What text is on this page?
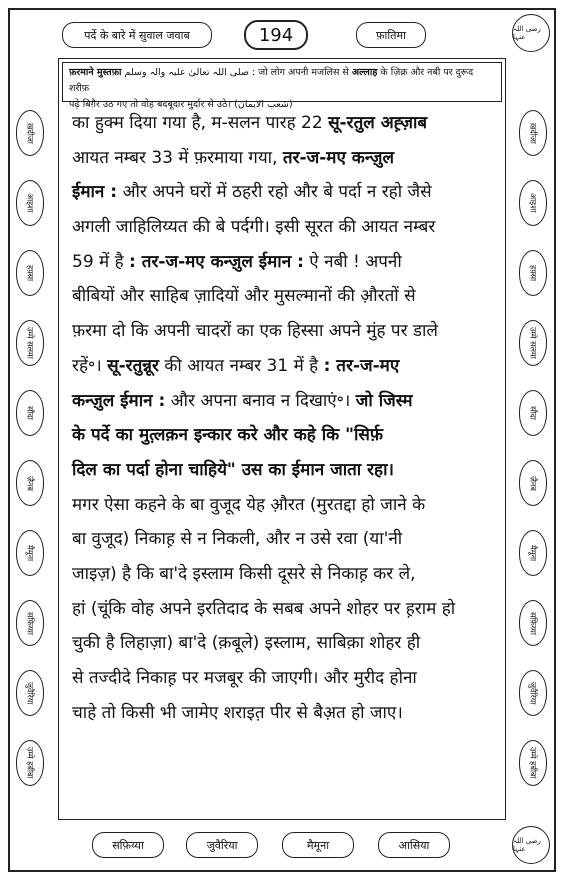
पर्दे के बारे में सुवाल जवाब	194	फ़ातिमा	رضی اللہ عنہا
फ़रमाने मुस्तफ़ा صلی اللہ تعالیٰ علیہ والہ وسلم : जो लोग अपनी मजलिस से अल्लाह के ज़िक्र और नबी पर दुरूद शरीफ़
पढ़े बिग़ैर उठ गए तो वोह बदबूदार मुर्दार से उठे। (شعب الایمان)
ख़दीजा
आइशा
हफ़्सा
उम्मे सलमा
सौदा
ज़ैनब
मैमूना
सफ़िय्या
जुवैरिया
उम्मे हबीबा
ख़दीजा
आइशा
हफ़्सा
उम्मे सलमा
सौदा
ज़ैनब
मैमूना
सफ़िय्या
जुवैरिया
उम्मे हबीबा
का हुक्म दिया गया है, म-सलन पारह 22 सू-रतुल अह़्ज़ाब
आयत नम्बर 33 में फ़रमाया गया, तर-ज-मए कन्ज़ुल
ईमान : और अपने घरों में ठहरी रहो और बे पर्दा न रहो जैसे
अगली जाहिलिय्यत की बे पर्दगी। इसी सूरत की आयत नम्बर
59 में है : तर-ज-मए कन्ज़ुल ईमान : ऐ नबी ! अपनी
बीबियों और साहिब ज़ादियों और मुसल्मानों की औ़रतों से
फ़रमा दो कि अपनी चादरों का एक हिस्सा अपने मुंह पर डाले
रहें॰। सू-रतुन्नूर की आयत नम्बर 31 में है : तर-ज-मए
कन्ज़ुल ईमान : और अपना बनाव न दिखाएं॰। जो जिस्म
के पर्दे का मुत़्लक़न इन्कार करे और कहे कि "सिर्फ़
दिल का पर्दा होना चाहिये" उस का ईमान जाता रहा।
मगर ऐसा कहने के बा वुजूद येह औ़रत (मुरतद्दा हो जाने के
बा वुजूद) निकाह़ से न निकली, और न उसे रवा (या'नी
जाइज़) है कि बा'दे इस्लाम किसी दूसरे से निकाह़ कर ले,
हां (चूंकि वोह अपने इरतिदाद के सबब अपने शोहर पर ह़राम हो
चुकी है लिहाज़ा) बा'दे (क़बूले) इस्लाम, साबिक़ा शोहर ही
से तज्दीदे निकाह़ पर मजबूर की जाएगी। और मुरीद होना
चाहे तो किसी भी जामेए शराइत़ पीर से बैअ़त हो जाए।
सफ़िय्या	जुवैरिया	मैमूना	आसिया	رضی اللہ عنہا
